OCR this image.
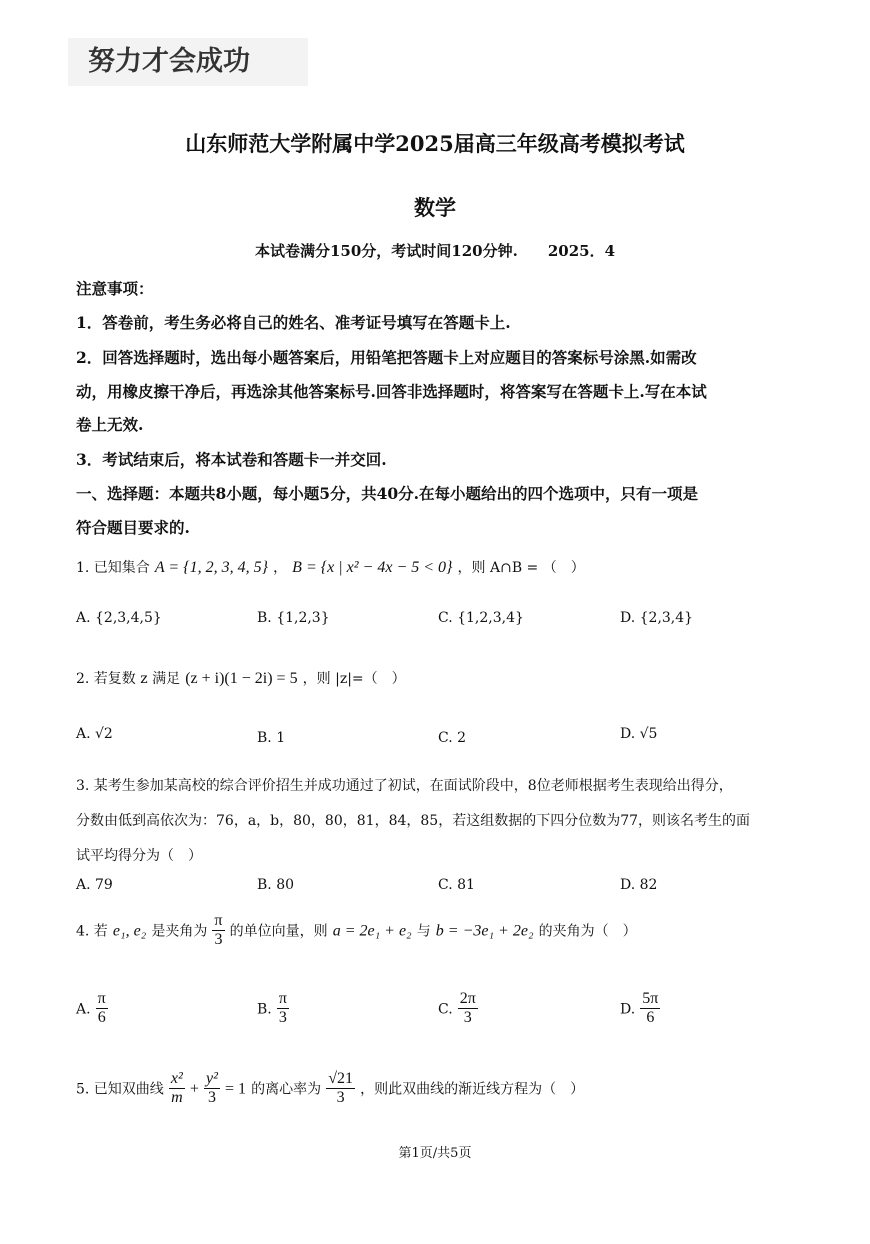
努力才会成功
山东师范大学附属中学2025届高三年级高考模拟考试
数学
本试卷满分150分，考试时间120分钟.　　2025．4
注意事项：
1．答卷前，考生务必将自己的姓名、准考证号填写在答题卡上.
2．回答选择题时，选出每小题答案后，用铅笔把答题卡上对应题目的答案标号涂黑.如需改
动，用橡皮擦干净后，再选涂其他答案标号.回答非选择题时，将答案写在答题卡上.写在本试
卷上无效.
3．考试结束后，将本试卷和答题卡一并交回.
一、选择题：本题共8小题，每小题5分，共40分.在每小题给出的四个选项中，只有一项是
符合题目要求的.
1. 已知集合 A = {1, 2, 3, 4, 5} ， B = {x | x² − 4x − 5 < 0} ，则 A∩B = （　）
A. {2,3,4,5}	B. {1,2,3}	C. {1,2,3,4}	D. {2,3,4}
2. 若复数 z 满足 (z + i)(1 − 2i) = 5 ，则 |z|=（　）
A. √2	B. 1	C. 2	D. √5
3. 某考生参加某高校的综合评价招生并成功通过了初试，在面试阶段中，8位老师根据考生表现给出得分，
分数由低到高依次为：76，a，b，80，80，81，84，85，若这组数据的下四分位数为77，则该名考生的面
试平均得分为（　）
A. 79	B. 80	C. 81	D. 82
4. 若 e₁, e₂ 是夹角为 $\frac{\pi}{3}$ 的单位向量，则 a = 2e₁ + e₂ 与 b = −3e₁ + 2e₂ 的夹角为（　）
A. $\frac{\pi}{6}$	B. $\frac{\pi}{3}$	C. $\frac{2\pi}{3}$	D. $\frac{5\pi}{6}$
5. 已知双曲线 $\frac{\text{x²}}{m} + \frac{\text{y²}}{3} = 1$ 的离心率为 $\frac{√21}{3}$ ，则此双曲线的渐近线方程为（　）
第1页/共5页
